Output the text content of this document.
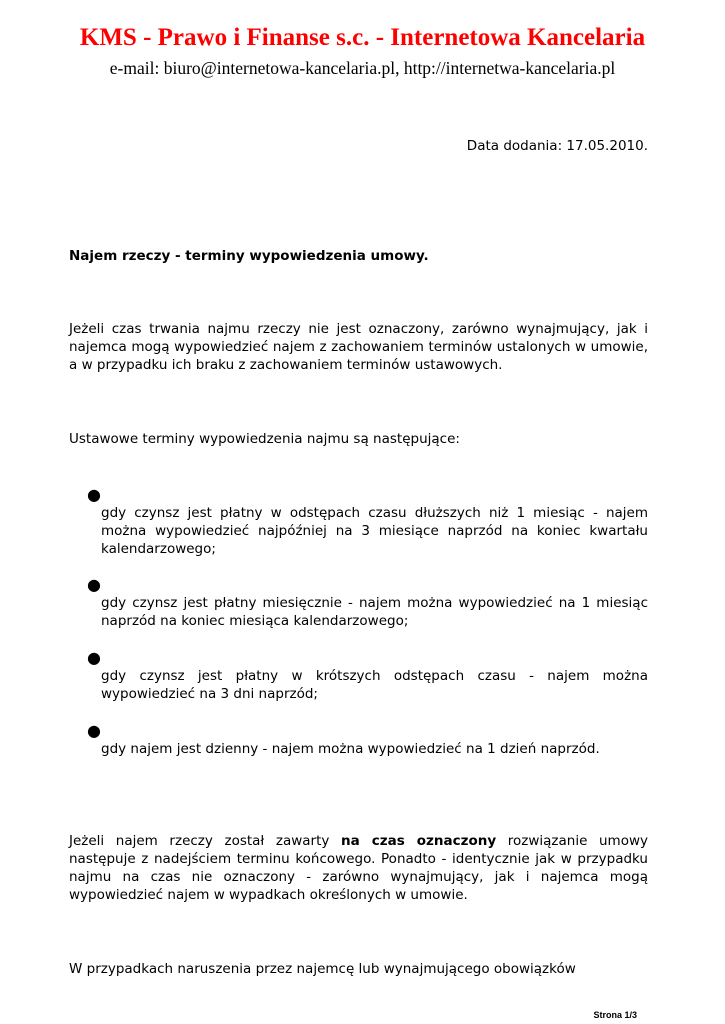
KMS - Prawo i Finanse s.c. - Internetowa Kancelaria
e-mail: biuro@internetowa-kancelaria.pl, http://internetwa-kancelaria.pl
Data dodania: 17.05.2010.
Najem rzeczy - terminy wypowiedzenia umowy.
Jeżeli czas trwania najmu rzeczy nie jest oznaczony, zarówno wynajmujący, jak i najemca mogą wypowiedzieć najem z zachowaniem terminów ustalonych w umowie, a w przypadku ich braku z zachowaniem terminów ustawowych.
Ustawowe terminy wypowiedzenia najmu są następujące:
●
gdy czynsz jest płatny w odstępach czasu dłuższych niż 1 miesiąc - najem można wypowiedzieć najpóźniej na 3 miesiące naprzód na koniec kwartału kalendarzowego;
●
gdy czynsz jest płatny miesięcznie - najem można wypowiedzieć na 1 miesiąc naprzód na koniec miesiąca kalendarzowego;
●
gdy czynsz jest płatny w krótszych odstępach czasu - najem można wypowiedzieć na 3 dni naprzód;
●
gdy najem jest dzienny - najem można wypowiedzieć na 1 dzień naprzód.
Jeżeli najem rzeczy został zawarty na czas oznaczony rozwiązanie umowy następuje z nadejściem terminu końcowego. Ponadto - identycznie jak w przypadku najmu na czas nie oznaczony - zarówno wynajmujący, jak i najemca mogą wypowiedzieć najem w wypadkach określonych w umowie.
W przypadkach naruszenia przez najemcę lub wynajmującego obowiązków
Strona 1/3
